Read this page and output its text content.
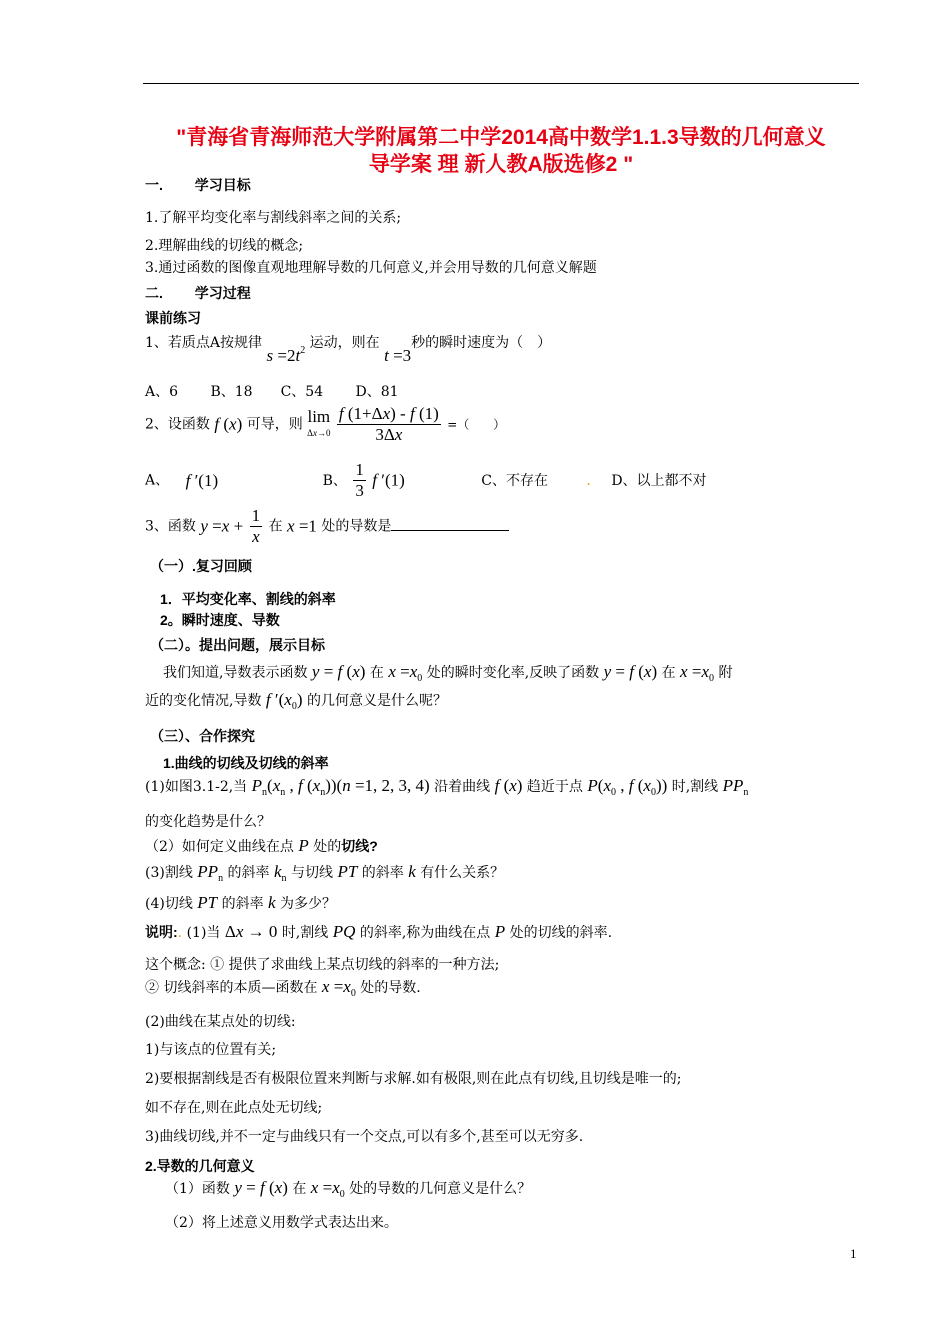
"青海省青海师范大学附属第二中学2014高中数学1.1.3导数的几何意义
导学案 理 新人教A版选修2 "
一.　　 学习目标
1.了解平均变化率与割线斜率之间的关系;
2.理解曲线的切线的概念;
3.通过函数的图像直观地理解导数的几何意义,并会用导数的几何意义解题
二.　　 学习过程
课前练习
1、若质点A按规律 $s =2t^2$ 运动，则在 t =3秒的瞬时速度为（　）
A、6　　 B、18　　C、54　　 D、81
2、设函数 f (x) 可导，则 lim
$\Delta x\to 0 \frac{f (1+\Delta x) - f (1)}{3\Delta x}$ =（　　）
A、 f ′(1)	B、 $\frac{1}{3}$ f ′(1)	C、不存在	. D、以上都不对
3、函数 $y =x + \frac{1}{x}$ 在 x =1 处的导数是
（一）.复习回顾
1．平均变化率、割线的斜率
2。瞬时速度、导数
（二）。提出问题，展示目标
我们知道,导数表示函数 y = f (x) 在 $x =x_0$ 处的瞬时变化率,反映了函数 y = f (x) 在 $x =x_0$ 附
近的变化情况,导数 f $'(x_0)$ 的几何意义是什么呢？
（三）、合作探究
1.曲线的切线及切线的斜率
(1)如图3.1-2,当 $P_n(x_n$ , f $(x_n))(n =1$, 2, 3, 4) 沿着曲线 f (x) 趋近于点 $P(x_0$ , f $(x_0)$) 时,割线 $PP_n$
的变化趋势是什么？
（2）如何定义曲线在点 P 处的切线?
(3)割线 $PP_n$ 的斜率 $k_n$ 与切线 PT 的斜率 k 有什么关系？
(4)切线 PT 的斜率 k 为多少？
说明:. (1)当 Δx → 0 时,割线 PQ 的斜率,称为曲线在点 P 处的切线的斜率.
这个概念: ① 提供了求曲线上某点切线的斜率的一种方法;
② 切线斜率的本质—函数在 $x =x_0$ 处的导数.
(2)曲线在某点处的切线:
1)与该点的位置有关;
2)要根据割线是否有极限位置来判断与求解.如有极限,则在此点有切线,且切线是唯一的;
如不存在,则在此点处无切线;
3)曲线切线,并不一定与曲线只有一个交点,可以有多个,甚至可以无穷多.
2.导数的几何意义
（1）函数 y = f (x) 在 $x =x_0$ 处的导数的几何意义是什么？
（2）将上述意义用数学式表达出来。
1
